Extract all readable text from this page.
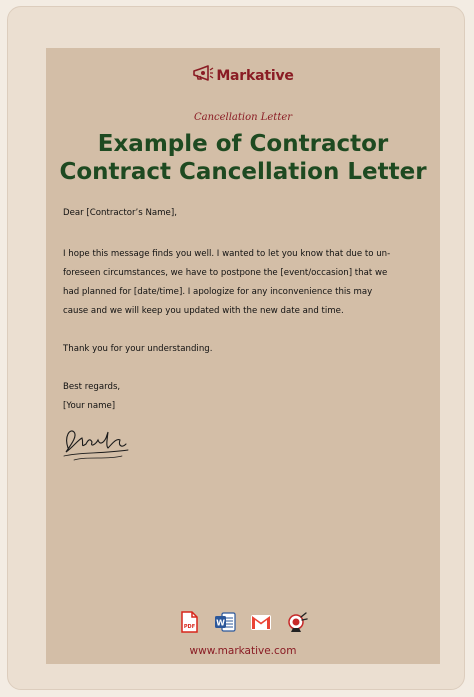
Markative
Cancellation Letter
Example of Contractor
Contract Cancellation Letter
Dear [Contractor’s Name],
I hope this message finds you well. I wanted to let you know that due to un-
foreseen circumstances, we have to postpone the [event/occasion] that we
had planned for [date/time]. I apologize for any inconvenience this may
cause and we will keep you updated with the new date and time.
Thank you for your understanding.
Best regards,
[Your name]
PDF	W
www.markative.com
